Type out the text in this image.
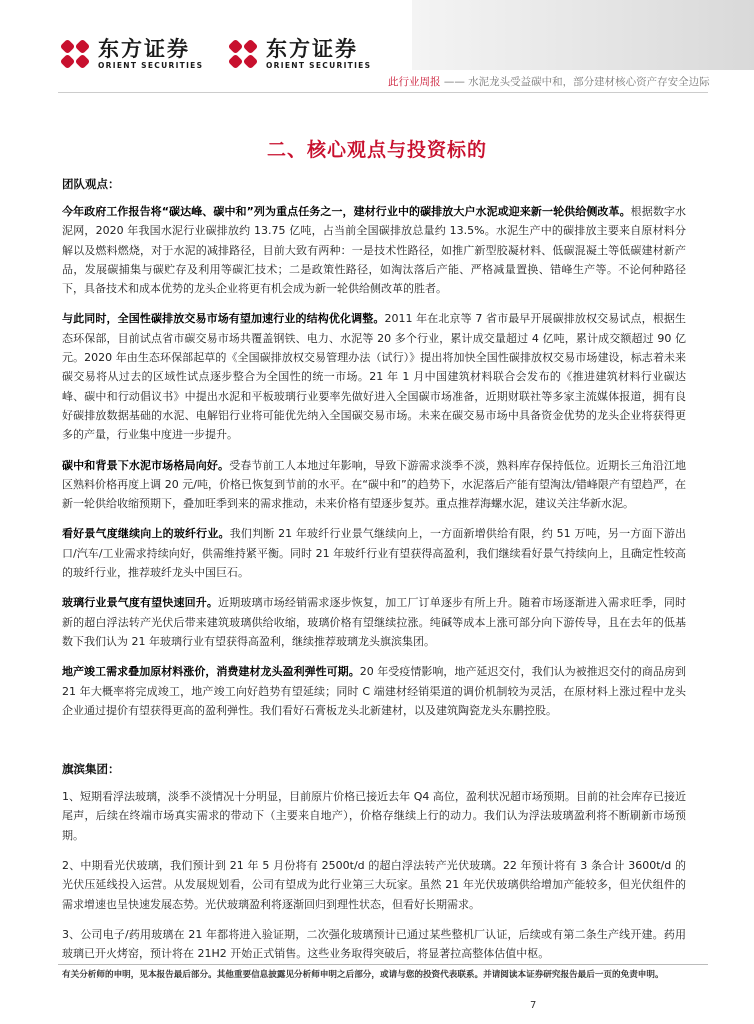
东方证券
ORIENT SECURITIES
东方证券
ORIENT SECURITIES
此行业周报 —— 水泥龙头受益碳中和，部分建材核心资产存安全边际
二、核心观点与投资标的

团队观点：

今年政府工作报告将“碳达峰、碳中和”列为重点任务之一，建材行业中的碳排放大户水泥或迎来新一轮供给侧改革。根据数字水泥网，2020 年我国水泥行业碳排放约 13.75 亿吨，占当前全国碳排放总量约 13.5%。水泥生产中的碳排放主要来自原材料分解以及燃料燃烧，对于水泥的减排路径，目前大致有两种：一是技术性路径，如推广新型胶凝材料、低碳混凝土等低碳建材新产品，发展碳捕集与碳贮存及利用等碳汇技术；二是政策性路径，如淘汰落后产能、严格减量置换、错峰生产等。不论何种路径下，具备技术和成本优势的龙头企业将更有机会成为新一轮供给侧改革的胜者。

与此同时，全国性碳排放交易市场有望加速行业的结构优化调整。2011 年在北京等 7 省市最早开展碳排放权交易试点，根据生态环保部，目前试点省市碳交易市场共覆盖钢铁、电力、水泥等 20 多个行业，累计成交量超过 4 亿吨，累计成交额超过 90 亿元。2020 年由生态环保部起草的《全国碳排放权交易管理办法（试行）》提出将加快全国性碳排放权交易市场建设，标志着未来碳交易将从过去的区域性试点逐步整合为全国性的统一市场。21 年 1 月中国建筑材料联合会发布的《推进建筑材料行业碳达峰、碳中和行动倡议书》中提出水泥和平板玻璃行业要率先做好进入全国碳市场准备，近期财联社等多家主流媒体报道，拥有良好碳排放数据基础的水泥、电解铝行业将可能优先纳入全国碳交易市场。未来在碳交易市场中具备资金优势的龙头企业将获得更多的产量，行业集中度进一步提升。

碳中和背景下水泥市场格局向好。受春节前工人本地过年影响，导致下游需求淡季不淡，熟料库存保持低位。近期长三角沿江地区熟料价格再度上调 20 元/吨，价格已恢复到节前的水平。在“碳中和”的趋势下，水泥落后产能有望淘汰/错峰限产有望趋严，在新一轮供给收缩预期下，叠加旺季到来的需求推动，未来价格有望逐步复苏。重点推荐海螺水泥，建议关注华新水泥。

看好景气度继续向上的玻纤行业。我们判断 21 年玻纤行业景气继续向上，一方面新增供给有限，约 51 万吨，另一方面下游出口/汽车/工业需求持续向好，供需维持紧平衡。同时 21 年玻纤行业有望获得高盈利，我们继续看好景气持续向上，且确定性较高的玻纤行业，推荐玻纤龙头中国巨石。

玻璃行业景气度有望快速回升。近期玻璃市场经销需求逐步恢复，加工厂订单逐步有所上升。随着市场逐渐进入需求旺季，同时新的超白浮法转产光伏后带来建筑玻璃供给收缩，玻璃价格有望继续拉涨。纯碱等成本上涨可部分向下游传导，且在去年的低基数下我们认为 21 年玻璃行业有望获得高盈利，继续推荐玻璃龙头旗滨集团。

地产竣工需求叠加原材料涨价，消费建材龙头盈利弹性可期。20 年受疫情影响，地产延迟交付，我们认为被推迟交付的商品房到 21 年大概率将完成竣工，地产竣工向好趋势有望延续；同时 C 端建材经销渠道的调价机制较为灵活，在原材料上涨过程中龙头企业通过提价有望获得更高的盈利弹性。我们看好石膏板龙头北新建材，以及建筑陶瓷龙头东鹏控股。

旗滨集团：

1、短期看浮法玻璃，淡季不淡情况十分明显，目前原片价格已接近去年 Q4 高位，盈利状况超市场预期。目前的社会库存已接近尾声，后续在终端市场真实需求的带动下（主要来自地产），价格存继续上行的动力。我们认为浮法玻璃盈利将不断刷新市场预期。

2、中期看光伏玻璃，我们预计到 21 年 5 月份将有 2500t/d 的超白浮法转产光伏玻璃。22 年预计将有 3 条合计 3600t/d 的光伏压延线投入运营。从发展规划看，公司有望成为此行业第三大玩家。虽然 21 年光伏玻璃供给增加产能较多，但光伏组件的需求增速也呈快速发展态势。光伏玻璃盈利将逐渐回归到理性状态，但看好长期需求。

3、公司电子/药用玻璃在 21 年都将进入验证期，二次强化玻璃预计已通过某些整机厂认证，后续或有第二条生产线开建。药用玻璃已开火烤窑，预计将在 21H2 开始正式销售。这些业务取得突破后，将显著拉高整体估值中枢。

有关分析师的申明，见本报告最后部分。其他重要信息披露见分析师申明之后部分，或请与您的投资代表联系。并请阅读本证券研究报告最后一页的免责申明。
7
